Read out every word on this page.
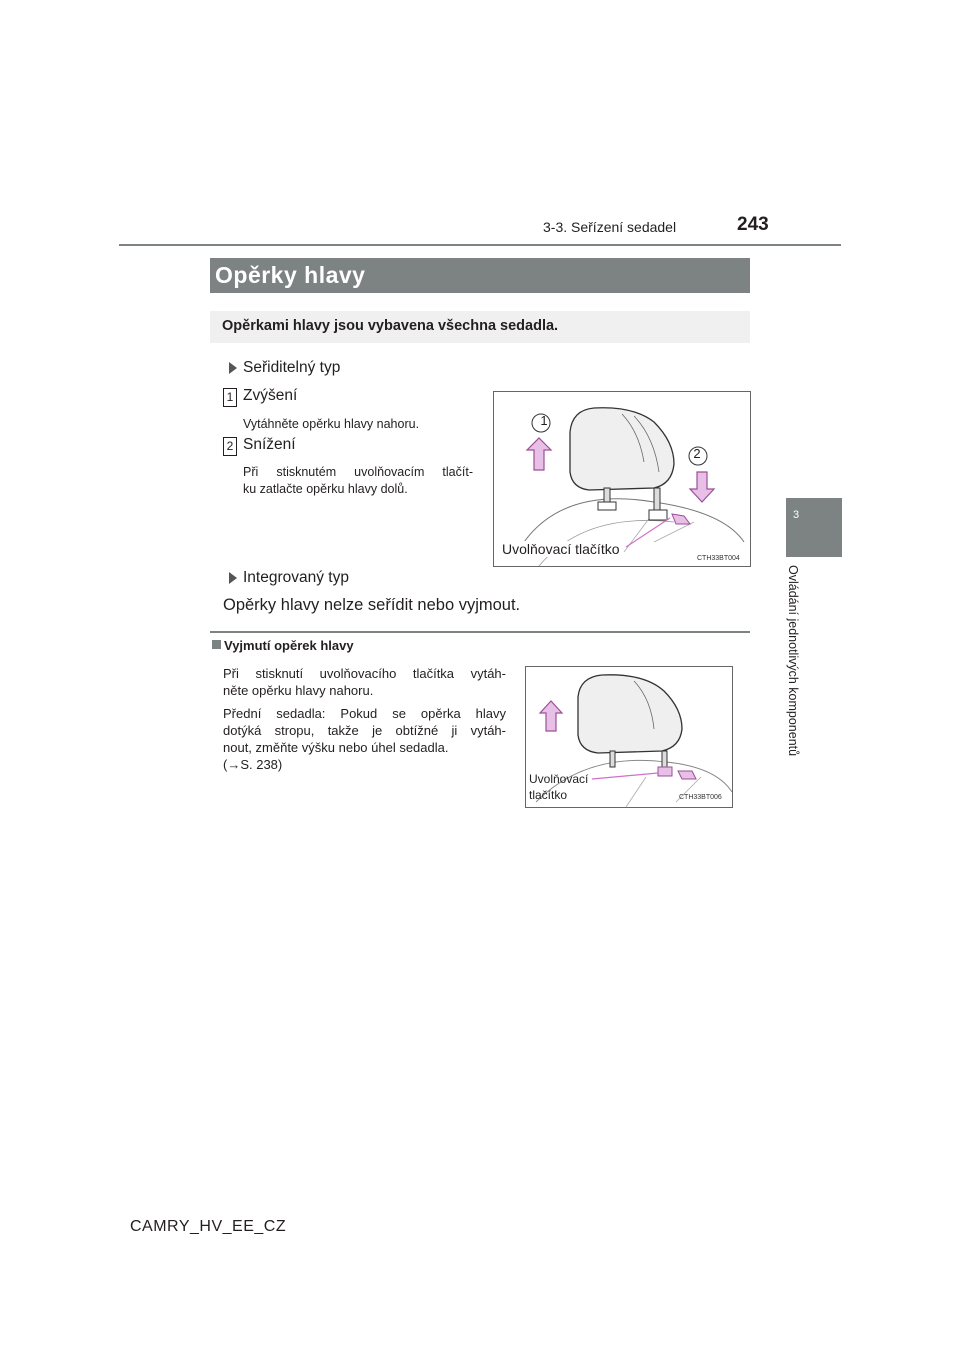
3-3. Seřízení sedadel	243
3
Ovládání jednotlivých komponentů
Opěrky hlavy
Opěrkami hlavy jsou vybavena všechna sedadla.
Seřiditelný typ
1 Zvýšení
Vytáhněte opěrku hlavy nahoru.
2 Snížení
Při stisknutém uvolňovacím tlačít-
ku zatlačte opěrku hlavy dolů.
1
2
Uvolňovací tlačítko
CTH33BT004
Integrovaný typ
Opěrky hlavy nelze seřídit nebo vyjmout.
Vyjmutí opěrek hlavy
Při stisknutí uvolňovacího tlačítka vytáh-
něte opěrku hlavy nahoru.
Přední sedadla: Pokud se opěrka hlavy
dotýká stropu, takže je obtížné ji vytáh-
nout, změňte výšku nebo úhel sedadla.
(→S. 238)
Uvolňovací
tlačítko	CTH33BT006
CAMRY_HV_EE_CZ
